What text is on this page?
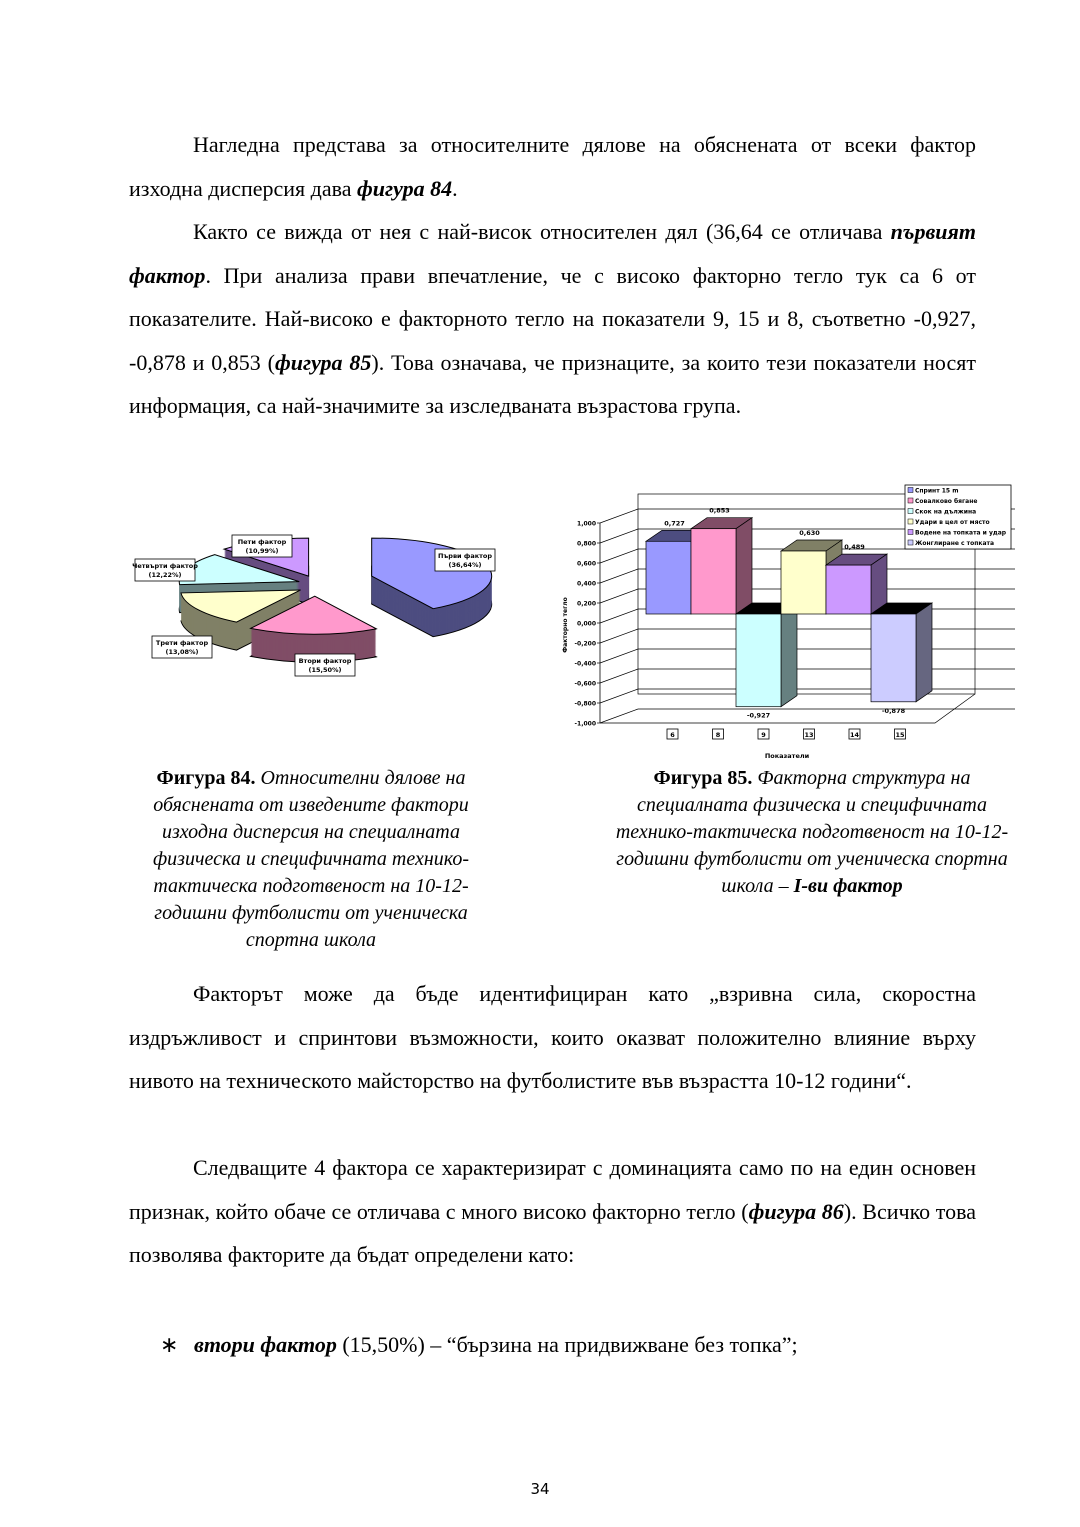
Нагледна представа за относителните дялове на обяснената от всеки фактор изходна дисперсия дава фигура 84.

Както се вижда от нея с най-висок относителен дял (36,64 се отличава първият фактор. При анализа прави впечатление, че с високо факторно тегло тук са 6 от показателите. Най-високо е факторното тегло на показатели 9, 15 и 8, съответно -0,927, -0,878 и 0,853 (фигура 85). Това означава, че признаците, за които тези показатели носят информация, са най-значимите за изследваната възрастова група.

Първи фактор
(36,64%)
Втори фактор
(15,50%)
Трети фактор
(13,08%)
Четвърти фактор
(12,22%)
Пети фактор
(10,99%)
1,000
0,800
0,600
0,400
0,200
0,000
-0,200
-0,400
-0,600
-0,800
-1,000
Факторно тегло
0,727
6
0,853
8
-0,927
9
0,630
13
0,489
14
-0,878
15
Показатели
Спринт 15 m
Совалково бягане
Скок на дължина
Удари в цел от място
Водене на топката и удар
Жонглиране с топката
Фигура 84. Относителни дялове на обяснената от изведените фактори изходна дисперсия на специалната физическа и специфичната технико-тактическа подготвеност на 10-12-годишни футболисти от ученическа спортна школа
Фигура 85. Факторна структура на специалната физическа и специфичната технико-тактическа подготвеност на 10-12-годишни футболисти от ученическа спортна школа – I-ви фактор

Факторът може да бъде идентифициран като „взривна сила, скоростна издръжливост и спринтови възможности, които оказват положително влияние върху нивото на техническото майсторство на футболистите във възрастта 10-12 години“.

Следващите 4 фактора се характеризират с доминацията само по на един основен признак, който обаче се отличава с много високо факторно тегло (фигура 86). Всичко това позволява факторите да бъдат определени като:

∗ втори фактор (15,50%) – “бързина на придвижване без топка”;
34
